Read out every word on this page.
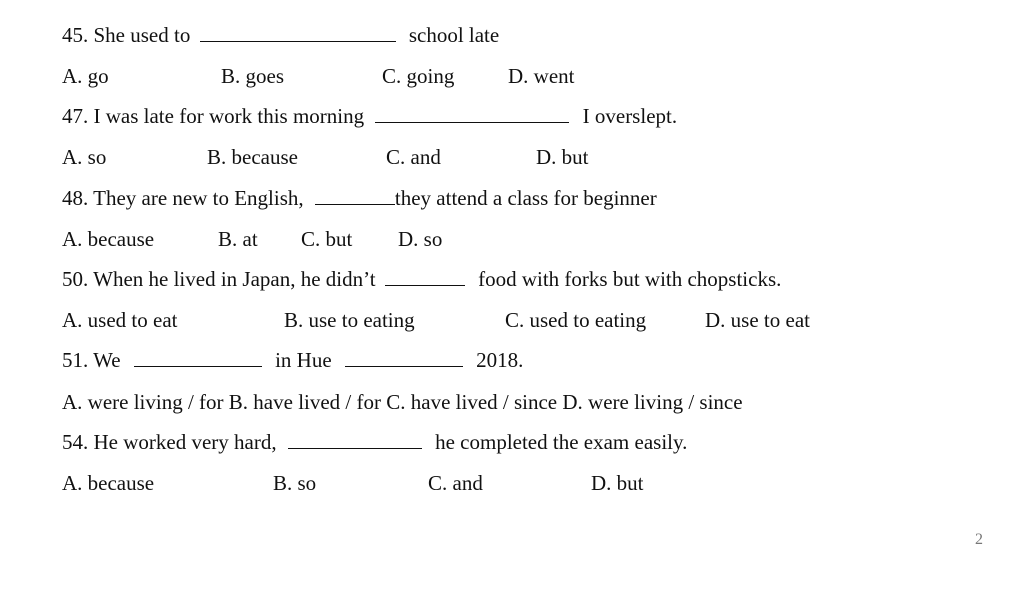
45. She used to	school late
A. go	B. goes	C. going	D. went
47. I was late for work this morning	I overslept.
A. so	B. because	C. and	D. but
48. They are new to English,	they attend a class for beginner
A. because	B. at C. but D. so
50. When he lived in Japan, he didn’t	food with forks but with chopsticks.
A. used to eat	B. use to eating	C. used to eating	D. use to eat
51. We	in Hue	2018.
A. were living / for B. have lived / for C. have lived / since D. were living / since
54. He worked very hard,	he completed the exam easily.
A. because	B. so	C. and	D. but
2
